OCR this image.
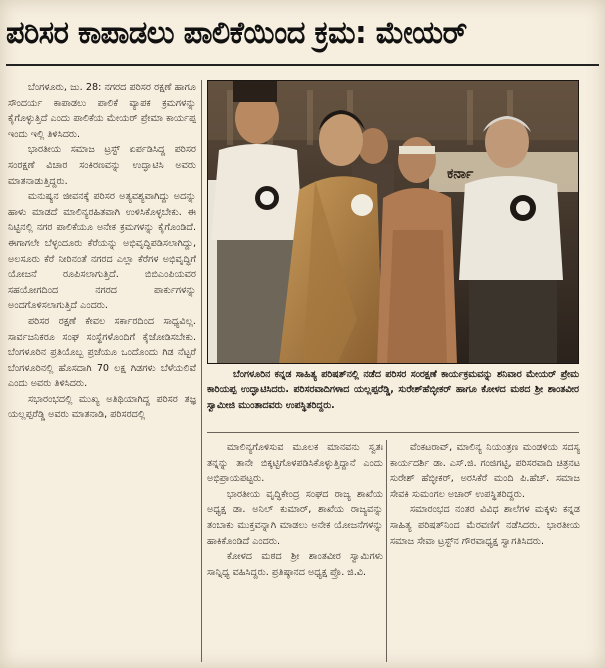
ಪರಿಸರ ಕಾಪಾಡಲು ಪಾಲಿಕೆಯಿಂದ ಕ್ರಮ: ಮೇಯರ್

ಬೆಂಗಳೂರು, ಜು. 28: ನಗರದ ಪರಿಸರ ರಕ್ಷಣೆ ಹಾಗೂ ಸೌಂದರ್ಯ ಕಾಪಾಡಲು ಪಾಲಿಕೆ ವ್ಯಾಪಕ ಕ್ರಮಗಳನ್ನು ಕೈಗೊಳ್ಳುತ್ತಿದೆ ಎಂದು ಪಾಲಿಕೆಯ ಮೇಯರ್ ಪ್ರೇಮಾ ಕಾರ್ಯಪ್ಪ ಇಂದು ಇಲ್ಲಿ ತಿಳಿಸಿದರು.

ಭಾರತೀಯ ಸಮಾಜ ಟ್ರಸ್ಟ್ ಏರ್ಪಡಿಸಿದ್ದ ಪರಿಸರ ಸಂರಕ್ಷಣೆ ವಿಚಾರ ಸಂಕಿರಣವನ್ನು ಉದ್ಘಾಟಿಸಿ ಅವರು ಮಾತನಾಡುತ್ತಿದ್ದರು.

ಮನುಷ್ಯನ ಜೀವನಕ್ಕೆ ಪರಿಸರ ಅತ್ಯವಶ್ಯವಾಗಿದ್ದು ಅದನ್ನು ಹಾಳು ಮಾಡದೆ ಮಾಲಿನ್ಯರಹಿತವಾಗಿ ಉಳಿಸಿಕೊಳ್ಳಬೇಕು. ಈ ನಿಟ್ಟಿನಲ್ಲಿ ನಗರ ಪಾಲಿಕೆಯೂ ಅನೇಕ ಕ್ರಮಗಳನ್ನು ಕೈಗೊಂಡಿದೆ. ಈಗಾಗಲೇ ಬೆಳ್ಳಂದೂರು ಕೆರೆಯನ್ನು ಅಭಿವೃದ್ಧಿಪಡಿಸಲಾಗಿದ್ದು, ಅಲಸೂರು ಕೆರೆ ನೀರಿನಂತೆ ನಗರದ ಎಲ್ಲಾ ಕೆರೆಗಳ ಅಭಿವೃದ್ಧಿಗೆ ಯೋಜನೆ ರೂಪಿಸಲಾಗುತ್ತಿದೆ. ಬಿಬಿಎಂಪಿಯವರ ಸಹಯೋಗದಿಂದ ನಗರದ ಪಾರ್ಕುಗಳನ್ನು ಅಂದಗೊಳಿಸಲಾಗುತ್ತಿದೆ ಎಂದರು.

ಪರಿಸರ ರಕ್ಷಣೆ ಕೇವಲ ಸರ್ಕಾರದಿಂದ ಸಾಧ್ಯವಿಲ್ಲ. ಸಾರ್ವಜನಿಕರೂ ಸಂಘ ಸಂಸ್ಥೆಗಳೊಂದಿಗೆ ಕೈಜೋಡಿಸಬೇಕು. ಬೆಂಗಳೂರಿನ ಪ್ರತಿಯೊಬ್ಬ ಪ್ರಜೆಯೂ ಒಂದೊಂದು ಗಿಡ ನೆಟ್ಟರೆ ಬೆಂಗಳೂರಿನಲ್ಲಿ ಹೊಸದಾಗಿ 70 ಲಕ್ಷ ಗಿಡಗಳು ಬೆಳೆಯಲಿವೆ ಎಂದು ಅವರು ತಿಳಿಸಿದರು.

ಸಭಾರಂಭದಲ್ಲಿ ಮುಖ್ಯ ಅತಿಥಿಯಾಗಿದ್ದ ಪರಿಸರ ತಜ್ಞ ಯಲ್ಲಪ್ಪರೆಡ್ಡಿ ಅವರು ಮಾತನಾಡಿ, ಪರಿಸರದಲ್ಲಿ

ಕರ್ನಾ

ಬೆಂಗಳೂರಿನ ಕನ್ನಡ ಸಾಹಿತ್ಯ ಪರಿಷತ್‌ನಲ್ಲಿ ನಡೆದ ಪರಿಸರ ಸಂರಕ್ಷಣೆ ಕಾರ್ಯಕ್ರಮವನ್ನು ಶನಿವಾರ ಮೇಯರ್ ಪ್ರೇಮ ಕಾರಿಯಪ್ಪ ಉದ್ಘಾಟಿಸಿದರು. ಪರಿಸರವಾದಿಗಳಾದ ಯಲ್ಲಪ್ಪರೆಡ್ಡಿ, ಸುರೇಶ್‌ಹೆಬ್ಳೀಕರ್ ಹಾಗೂ ಕೋಳದ ಮಠದ ಶ್ರೀ ಶಾಂತವೀರ ಸ್ವಾಮೀಜಿ ಮುಂತಾದವರು ಉಪಸ್ಥಿತರಿದ್ದರು.

ಮಾಲಿನ್ಯಗೊಳಿಸುವ ಮೂಲಕ ಮಾನವನು ಸ್ವತಃ ತನ್ನನ್ನು ತಾನೇ ಬಿಕ್ಕಟ್ಟಿಗೊಳಪಡಿಸಿಕೊಳ್ಳುತ್ತಿದ್ದಾನೆ ಎಂದು ಅಭಿಪ್ರಾಯಪಟ್ಟರು.

ಭಾರತೀಯ ವೃದ್ಧಿಕೇಂದ್ರ ಸಂಘದ ರಾಜ್ಯ ಶಾಖೆಯ ಅಧ್ಯಕ್ಷ ಡಾ. ಅನಿಲ್ ಕುಮಾರ್, ಶಾಖೆಯ ರಾಜ್ಯವನ್ನು ತಂಬಾಕು ಮುಕ್ತವನ್ನಾಗಿ ಮಾಡಲು ಅನೇಕ ಯೋಜನೆಗಳನ್ನು ಹಾಕಿಕೊಂಡಿದೆ ಎಂದರು.

ಕೋಳದ ಮಠದ ಶ್ರೀ ಶಾಂತವೀರ ಸ್ವಾಮಿಗಳು ಸಾನ್ನಿಧ್ಯ ವಹಿಸಿದ್ದರು. ಪ್ರತಿಷ್ಠಾನದ ಅಧ್ಯಕ್ಷ ಪ್ರೊ. ಜಿ.ವಿ.

ವೆಂಕಟರಾವ್, ಮಾಲಿನ್ಯ ನಿಯಂತ್ರಣ ಮಂಡಳಿಯ ಸದಸ್ಯ ಕಾರ್ಯದರ್ಶಿ ಡಾ. ಎಸ್.ಜಿ. ಗಂಜಿಗಟ್ಟಿ, ಪರಿಸರವಾದಿ ಚಿತ್ರನಟ ಸುರೇಶ್ ಹೆಬ್ಳೀಕರ್, ಅರಸಿಕೆರೆ ಮಂದಿ ಪಿ.ಹೆಚ್. ಸಮಾಜ ಸೇವಕಿ ಸುಮಂಗಲ ಅಚಾರ್ ಉಪಸ್ಥಿತರಿದ್ದರು.

ಸಮಾರಂಭದ ನಂತರ ವಿವಿಧ ಶಾಲೆಗಳ ಮಕ್ಕಳು ಕನ್ನಡ ಸಾಹಿತ್ಯ ಪರಿಷತ್‌ನಿಂದ ಮೆರವಣಿಗೆ ನಡೆಸಿದರು. ಭಾರತೀಯ ಸಮಾಜ ಸೇವಾ ಟ್ರಸ್ಟ್‌ನ ಗೌರವಾಧ್ಯಕ್ಷ ಸ್ವಾಗತಿಸಿದರು.
